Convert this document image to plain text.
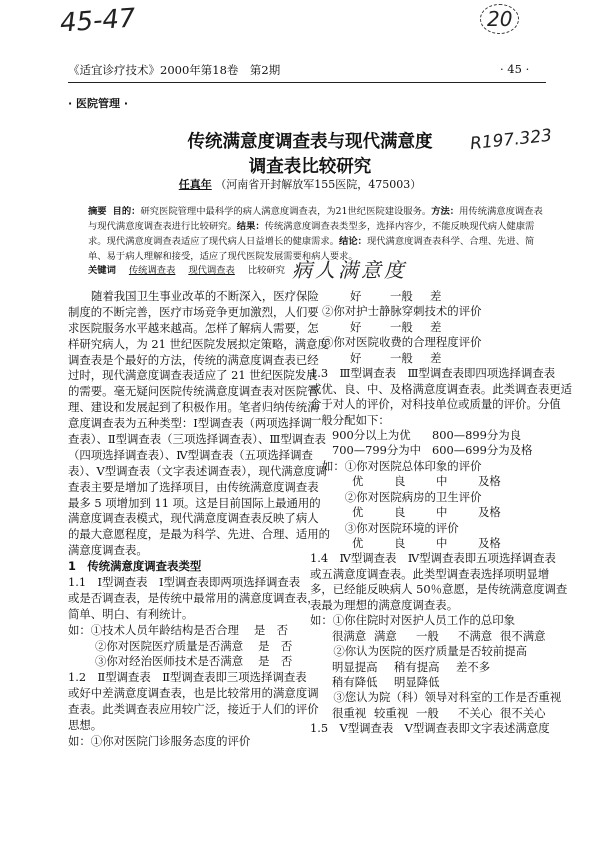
45-47	20
R197.323
病人满意度
《适宜诊疗技术》2000年第18卷　第2期	· 45 ·
· 医院管理 ·
传统满意度调查表与现代满意度
调查表比较研究
任真年 （河南省开封解放军155医院，475003）
摘要 目的：研究医院管理中最科学的病人满意度调查表，为21世纪医院建设服务。方法：用传统满意度调查表与现代满意度调查表进行比较研究。结果：传统满意度调查表类型多，选择内容少，不能反映现代病人健康需求。现代满意度调查表适应了现代病人日益增长的健康需求。结论：现代满意度调查表科学、合理、先进、简单、易于病人理解和接受，适应了现代医院发展需要和病人要求。
关键词 传统调查表 现代调查表 比较研究
随着我国卫生事业改革的不断深入，医疗保险
制度的不断完善，医疗市场竞争更加激烈，人们要
求医院服务水平越来越高。怎样了解病人需要，怎
样研究病人，为 21 世纪医院发展拟定策略，满意度
调查表是个最好的方法，传统的满意度调查表已经
过时，现代满意度调查表适应了 21 世纪医院发展
的需要。毫无疑问医院传统满意度调查表对医院管
理、建设和发展起到了积极作用。笔者归纳传统满
意度调查表为五种类型：Ⅰ型调查表（两项选择调
查表）、Ⅱ型调查表（三项选择调查表）、Ⅲ型调查表
（四项选择调查表）、Ⅳ型调查表（五项选择调查
表）、Ⅴ型调查表（文字表述调查表），现代满意度调
查表主要是增加了选择项目，由传统满意度调查表
最多 5 项增加到 11 项。这是目前国际上最通用的
满意度调查表模式，现代满意度调查表反映了病人
的最大意愿程度，是最为科学、先进、合理、适用的
满意度调查表。
1　传统满意度调查表类型
1.1　Ⅰ型调查表　Ⅰ型调查表即两项选择调查表
或是否调查表，是传统中最常用的满意度调查表，
简单、明白、有利统计。
如：①技术人员年龄结构是否合理　 是　否
　 ②你对医院医疗质量是否满意　 是　否
　 ③你对经治医师技术是否满意　 是　否
1.2　Ⅱ型调查表　Ⅱ型调查表即三项选择调查表
或好中差满意度调查表，也是比较常用的满意度调
查表。此类调查表应用较广泛，接近于人们的评价
思想。
如：①你对医院门诊服务态度的评价
好	一般	差
②你对护士静脉穿刺技术的评价
好	一般	差
③你对医院收费的合理程度评价
好	一般	差
1.3　Ⅲ型调查表　Ⅲ型调查表即四项选择调查表
或优、良、中、及格满意度调查表。此类调查表更适
合于对人的评价，对科技单位或质量的评价。分值
一般分配如下：
900分以上为优	800—899分为良
700—799分为中 600—699分为及格
如：①你对医院总体印象的评价
优	良	中	及格
　　②你对医院病房的卫生评价
优	良	中	及格
　　③你对医院环境的评价
优	良	中	及格
1.4　Ⅳ型调查表　Ⅳ型调查表即五项选择调查表
或五满意度调查表。此类型调查表选择项明显增
多，已经能反映病人 50％意愿，是传统满意度调查
表最为理想的满意度调查表。
如：①你住院时对医护人员工作的总印象
很满意 满意	一般	不满意 很不满意
　②你认为医院的医疗质量是否较前提高
明显提高	稍有提高	差不多
稍有降低	明显降低
　③您认为院（科）领导对科室的工作是否重视
很重视 较重视 一般	不关心 很不关心
1.5　Ⅴ型调查表　Ⅴ型调查表即文字表述满意度
